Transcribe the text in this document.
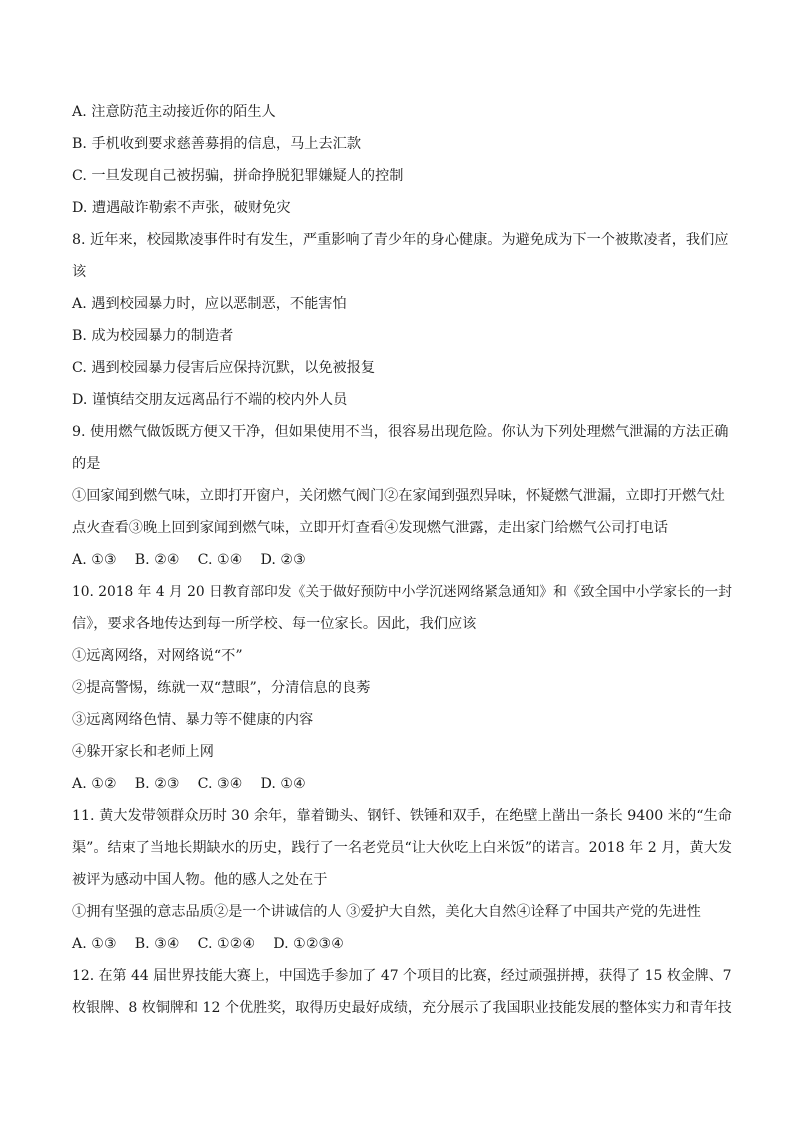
A. 注意防范主动接近你的陌生人
B. 手机收到要求慈善募捐的信息，马上去汇款
C. 一旦发现自己被拐骗，拼命挣脱犯罪嫌疑人的控制
D. 遭遇敲诈勒索不声张，破财免灾
8. 近年来，校园欺凌事件时有发生，严重影响了青少年的身心健康。为避免成为下一个被欺凌者，我们应
该
A. 遇到校园暴力时，应以恶制恶，不能害怕
B. 成为校园暴力的制造者
C. 遇到校园暴力侵害后应保持沉默，以免被报复
D. 谨慎结交朋友远离品行不端的校内外人员
9. 使用燃气做饭既方便又干净，但如果使用不当，很容易出现危险。你认为下列处理燃气泄漏的方法正确
的是
①回家闻到燃气味，立即打开窗户，关闭燃气阀门②在家闻到强烈异味，怀疑燃气泄漏，立即打开燃气灶
点火查看③晚上回到家闻到燃气味，立即开灯查看④发现燃气泄露，走出家门给燃气公司打电话
A. ①③    B. ②④    C. ①④    D. ②③
10. 2018 年 4 月 20 日教育部印发《关于做好预防中小学沉迷网络紧急通知》和《致全国中小学家长的一封
信》，要求各地传达到每一所学校、每一位家长。因此，我们应该
①远离网络，对网络说“不”
②提高警惕，练就一双“慧眼”，分清信息的良莠
③远离网络色情、暴力等不健康的内容
④躲开家长和老师上网
A. ①②    B. ②③    C. ③④    D. ①④
11. 黄大发带领群众历时 30 余年，靠着锄头、钢钎、铁锤和双手，在绝壁上凿出一条长 9400 米的“生命
渠”。结束了当地长期缺水的历史，践行了一名老党员“让大伙吃上白米饭”的诺言。2018 年 2 月，黄大发
被评为感动中国人物。他的感人之处在于
①拥有坚强的意志品质②是一个讲诚信的人 ③爱护大自然，美化大自然④诠释了中国共产党的先进性
A. ①③    B. ③④    C. ①②④    D. ①②③④
12. 在第 44 届世界技能大赛上，中国选手参加了 47 个项目的比赛，经过顽强拼搏，获得了 15 枚金牌、7
枚银牌、8 枚铜牌和 12 个优胜奖，取得历史最好成绩，充分展示了我国职业技能发展的整体实力和青年技
